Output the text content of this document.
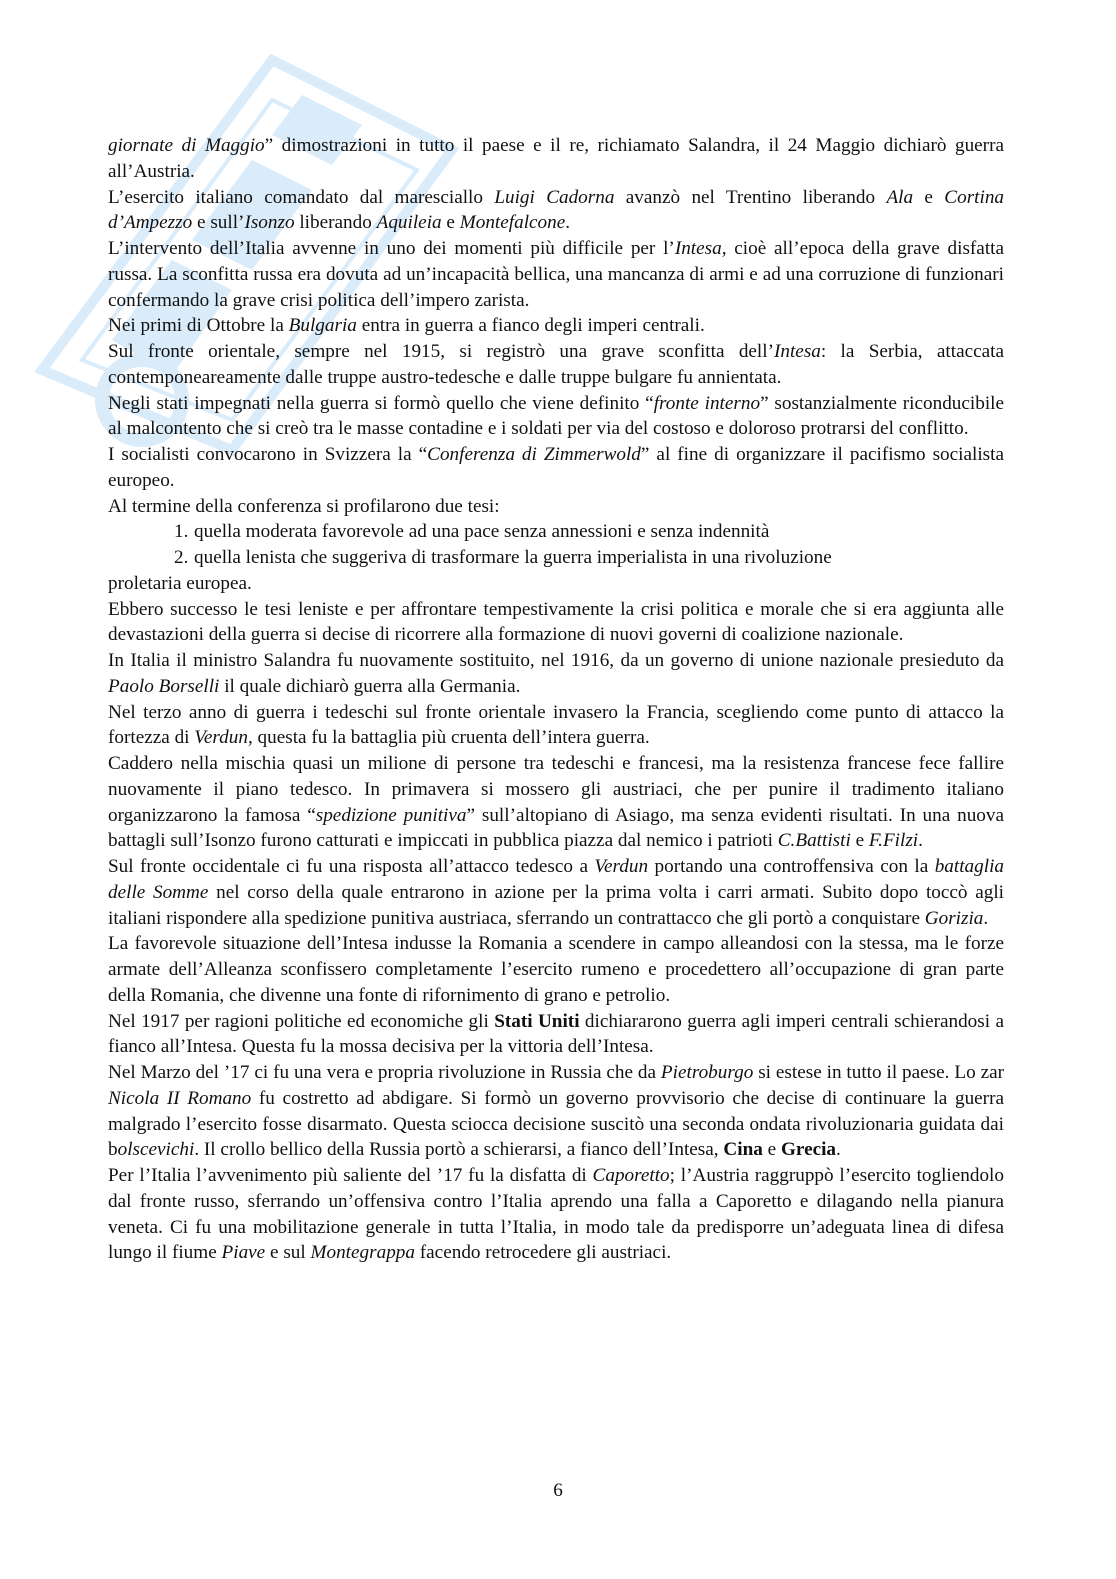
giornate di Maggio” dimostrazioni in tutto il paese e il re, richiamato Salandra, il 24 Maggio dichiarò guerra all’Austria.

L’esercito italiano comandato dal maresciallo Luigi Cadorna avanzò nel Trentino liberando Ala e Cortina d’Ampezzo e sull’Isonzo liberando Aquileia e Montefalcone.

L’intervento dell’Italia avvenne in uno dei momenti più difficile per l’Intesa, cioè all’epoca della grave disfatta russa. La sconfitta russa era dovuta ad un’incapacità bellica, una mancanza di armi e ad una corruzione di funzionari confermando la grave crisi politica dell’impero zarista.

Nei primi di Ottobre la Bulgaria entra in guerra a fianco degli imperi centrali.

Sul fronte orientale, sempre nel 1915, si registrò una grave sconfitta dell’Intesa: la Serbia, attaccata contemponeareamente dalle truppe austro-tedesche e dalle truppe bulgare fu annientata.

Negli stati impegnati nella guerra si formò quello che viene definito “fronte interno” sostanzialmente riconducibile al malcontento che si creò tra le masse contadine e i soldati per via del costoso e doloroso protrarsi del conflitto.

I socialisti convocarono in Svizzera la “Conferenza di Zimmerwold” al fine di organizzare il pacifismo socialista europeo.

Al termine della conferenza si profilarono due tesi:

1. quella moderata favorevole ad una pace senza annessioni e senza indennità
2. quella lenista che suggeriva di trasformare la guerra imperialista in una rivoluzione

proletaria europea.

Ebbero successo le tesi leniste e per affrontare tempestivamente la crisi politica e morale che si era aggiunta alle devastazioni della guerra si decise di ricorrere alla formazione di nuovi governi di coalizione nazionale.

In Italia il ministro Salandra fu nuovamente sostituito, nel 1916, da un governo di unione nazionale presieduto da Paolo Borselli il quale dichiarò guerra alla Germania.

Nel terzo anno di guerra i tedeschi sul fronte orientale invasero la Francia, scegliendo come punto di attacco la fortezza di Verdun, questa fu la battaglia più cruenta dell’intera guerra.

Caddero nella mischia quasi un milione di persone tra tedeschi e francesi, ma la resistenza francese fece fallire nuovamente il piano tedesco. In primavera si mossero gli austriaci, che per punire il tradimento italiano organizzarono la famosa “spedizione punitiva” sull’altopiano di Asiago, ma senza evidenti risultati. In una nuova battagli sull’Isonzo furono catturati e impiccati in pubblica piazza dal nemico i patrioti C.Battisti e F.Filzi.

Sul fronte occidentale ci fu una risposta all’attacco tedesco a Verdun portando una controffensiva con la battaglia delle Somme nel corso della quale entrarono in azione per la prima volta i carri armati. Subito dopo toccò agli italiani rispondere alla spedizione punitiva austriaca, sferrando un contrattacco che gli portò a conquistare Gorizia.

La favorevole situazione dell’Intesa indusse la Romania a scendere in campo alleandosi con la stessa, ma le forze armate dell’Alleanza sconfissero completamente l’esercito rumeno e procedettero all’occupazione di gran parte della Romania, che divenne una fonte di rifornimento di grano e petrolio.

Nel 1917 per ragioni politiche ed economiche gli Stati Uniti dichiararono guerra agli imperi centrali schierandosi a fianco all’Intesa. Questa fu la mossa decisiva per la vittoria dell’Intesa.

Nel Marzo del ’17 ci fu una vera e propria rivoluzione in Russia che da Pietroburgo si estese in tutto il paese. Lo zar Nicola II Romano fu costretto ad abdigare. Si formò un governo provvisorio che decise di continuare la guerra malgrado l’esercito fosse disarmato. Questa sciocca decisione suscitò una seconda ondata rivoluzionaria guidata dai bolscevichi. Il crollo bellico della Russia portò a schierarsi, a fianco dell’Intesa, Cina e Grecia.

Per l’Italia l’avvenimento più saliente del ’17 fu la disfatta di Caporetto; l’Austria raggruppò l’esercito togliendolo dal fronte russo, sferrando un’offensiva contro l’Italia aprendo una falla a Caporetto e dilagando nella pianura veneta. Ci fu una mobilitazione generale in tutta l’Italia, in modo tale da predisporre un’adeguata linea di difesa lungo il fiume Piave e sul Montegrappa facendo retrocedere gli austriaci.

6
